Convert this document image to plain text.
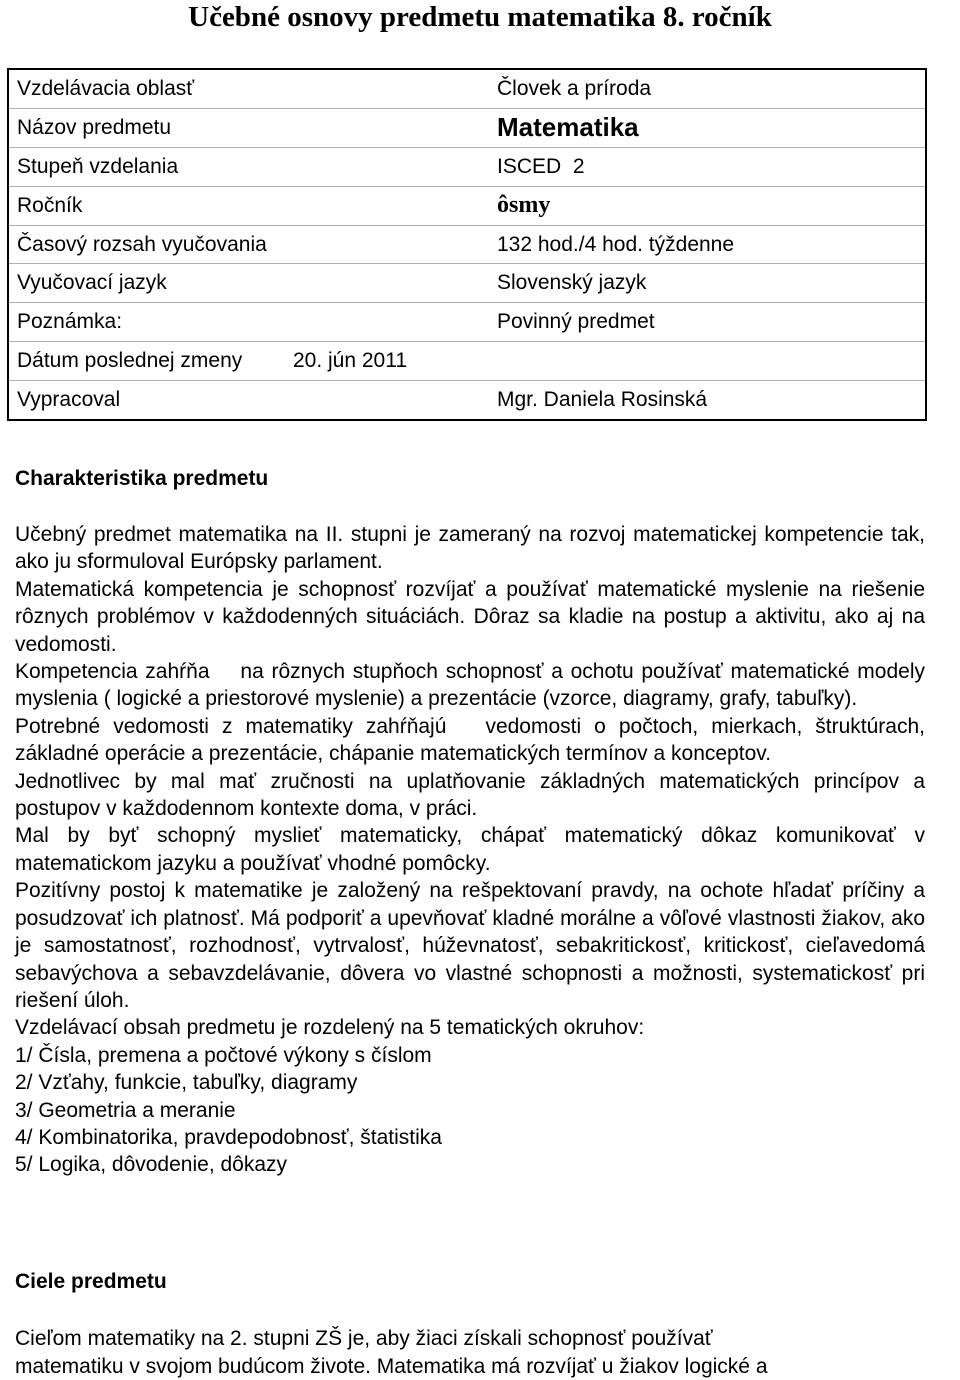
Učebné osnovy predmetu matematika 8. ročník
Vzdelávacia oblasť	Človek a príroda
Názov predmetu	Matematika
Stupeň vzdelania	ISCED  2
Ročník	ôsmy
Časový rozsah vyučovania	132 hod./4 hod. týždenne
Vyučovací jazyk	Slovenský jazyk
Poznámka:	Povinný predmet
Dátum poslednej zmeny 20. jún 2011	
Vypracoval	Mgr. Daniela Rosinská
Charakteristika predmetu

Učebný predmet matematika na II. stupni je zameraný na rozvoj matematickej kompetencie tak, ako ju sformuloval Európsky parlament.

Matematická kompetencia je schopnosť rozvíjať a používať matematické myslenie na riešenie rôznych problémov v každodenných situáciách. Dôraz sa kladie na postup a aktivitu, ako aj na vedomosti.

Kompetencia zahŕňa    na rôznych stupňoch schopnosť a ochotu používať matematické modely myslenia ( logické a priestorové myslenie) a prezentácie (vzorce, diagramy, grafy, tabuľky).

Potrebné vedomosti z matematiky zahŕňajú   vedomosti o počtoch, mierkach, štruktúrach, základné operácie a prezentácie, chápanie matematických termínov a konceptov.

Jednotlivec by mal mať zručnosti na uplatňovanie základných matematických princípov a postupov v každodennom kontexte doma, v práci.

Mal by byť schopný myslieť matematicky, chápať matematický dôkaz komunikovať v matematickom jazyku a používať vhodné pomôcky.

Pozitívny postoj k matematike je založený na rešpektovaní pravdy, na ochote hľadať príčiny a posudzovať ich platnosť. Má podporiť a upevňovať kladné morálne a vôľové vlastnosti žiakov, ako je samostatnosť, rozhodnosť, vytrvalosť, húževnatosť, sebakritickosť, kritickosť, cieľavedomá sebavýchova a sebavzdelávanie, dôvera vo vlastné schopnosti a možnosti, systematickosť pri riešení úloh.

Vzdelávací obsah predmetu je rozdelený na 5 tematických okruhov:

1/ Čísla, premena a počtové výkony s číslom

2/ Vzťahy, funkcie, tabuľky, diagramy

3/ Geometria a meranie

4/ Kombinatorika, pravdepodobnosť, štatistika

5/ Logika, dôvodenie, dôkazy

Ciele predmetu

Cieľom matematiky na 2. stupni ZŠ je, aby žiaci získali schopnosť používať

matematiku v svojom budúcom živote. Matematika má rozvíjať u žiakov logické a
